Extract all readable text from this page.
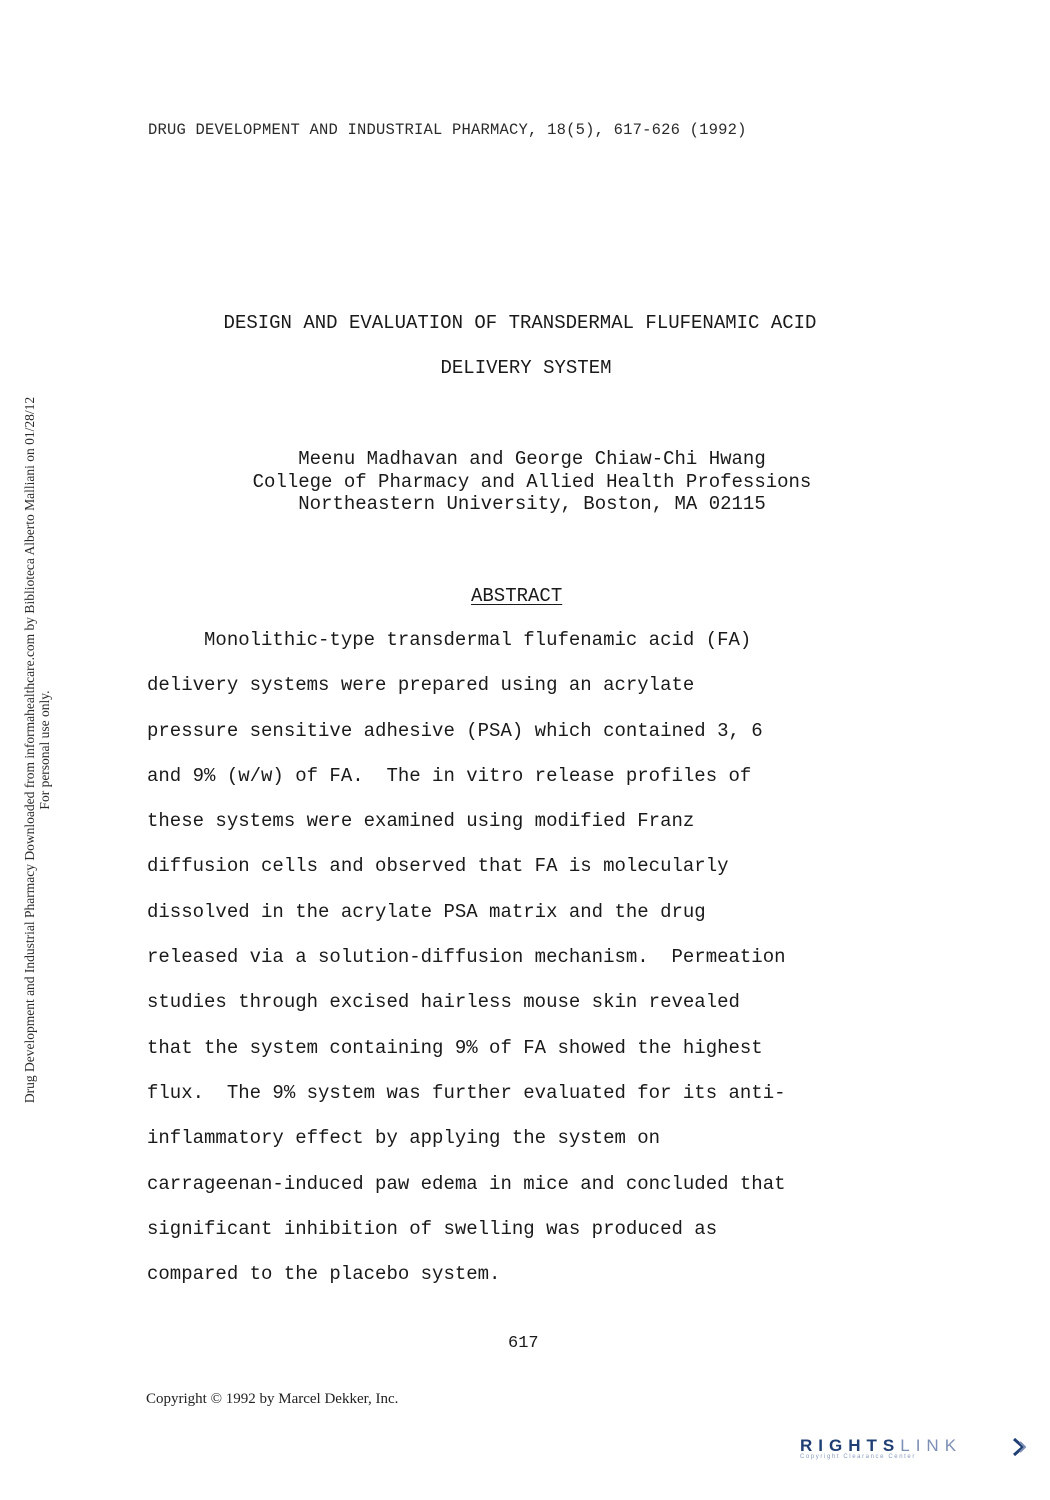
DRUG DEVELOPMENT AND INDUSTRIAL PHARMACY, 18(5), 617-626 (1992)
DESIGN AND EVALUATION OF TRANSDERMAL FLUFENAMIC ACID
DELIVERY SYSTEM
Meenu Madhavan and George Chiaw-Chi Hwang
College of Pharmacy and Allied Health Professions
Northeastern University, Boston, MA 02115
ABSTRACT
Monolithic-type transdermal flufenamic acid (FA)
delivery systems were prepared using an acrylate
pressure sensitive adhesive (PSA) which contained 3, 6
and 9% (w/w) of FA.  The in vitro release profiles of
these systems were examined using modified Franz
diffusion cells and observed that FA is molecularly
dissolved in the acrylate PSA matrix and the drug
released via a solution-diffusion mechanism.  Permeation
studies through excised hairless mouse skin revealed
that the system containing 9% of FA showed the highest
flux.  The 9% system was further evaluated for its anti-
inflammatory effect by applying the system on
carrageenan-induced paw edema in mice and concluded that
significant inhibition of swelling was produced as
compared to the placebo system.
617
Copyright © 1992 by Marcel Dekker, Inc.
Drug Development and Industrial Pharmacy Downloaded from informahealthcare.com by Biblioteca Alberto Malliani on 01/28/12 For personal use only.
RIGHTSLINK
Copyright Clearance Center
